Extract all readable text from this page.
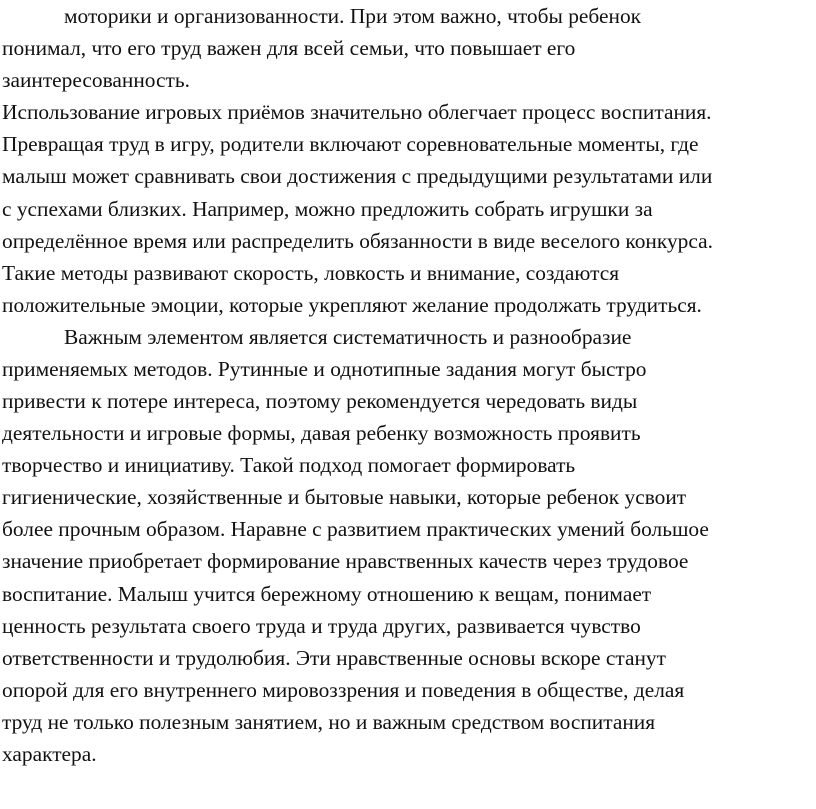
моторики и организованности. При этом важно, чтобы ребенок
понимал, что его труд важен для всей семьи, что повышает его
заинтересованность.
Использование игровых приёмов значительно облегчает процесс воспитания.
Превращая труд в игру, родители включают соревновательные моменты, где
малыш может сравнивать свои достижения с предыдущими результатами или
с успехами близких. Например, можно предложить собрать игрушки за
определённое время или распределить обязанности в виде веселого конкурса.
Такие методы развивают скорость, ловкость и внимание, создаются
положительные эмоции, которые укрепляют желание продолжать трудиться.
Важным элементом является систематичность и разнообразие
применяемых методов. Рутинные и однотипные задания могут быстро
привести к потере интереса, поэтому рекомендуется чередовать виды
деятельности и игровые формы, давая ребенку возможность проявить
творчество и инициативу. Такой подход помогает формировать
гигиенические, хозяйственные и бытовые навыки, которые ребенок усвоит
более прочным образом. Наравне с развитием практических умений большое
значение приобретает формирование нравственных качеств через трудовое
воспитание. Малыш учится бережному отношению к вещам, понимает
ценность результата своего труда и труда других, развивается чувство
ответственности и трудолюбия. Эти нравственные основы вскоре станут
опорой для его внутреннего мировоззрения и поведения в обществе, делая
труд не только полезным занятием, но и важным средством воспитания
характера.
